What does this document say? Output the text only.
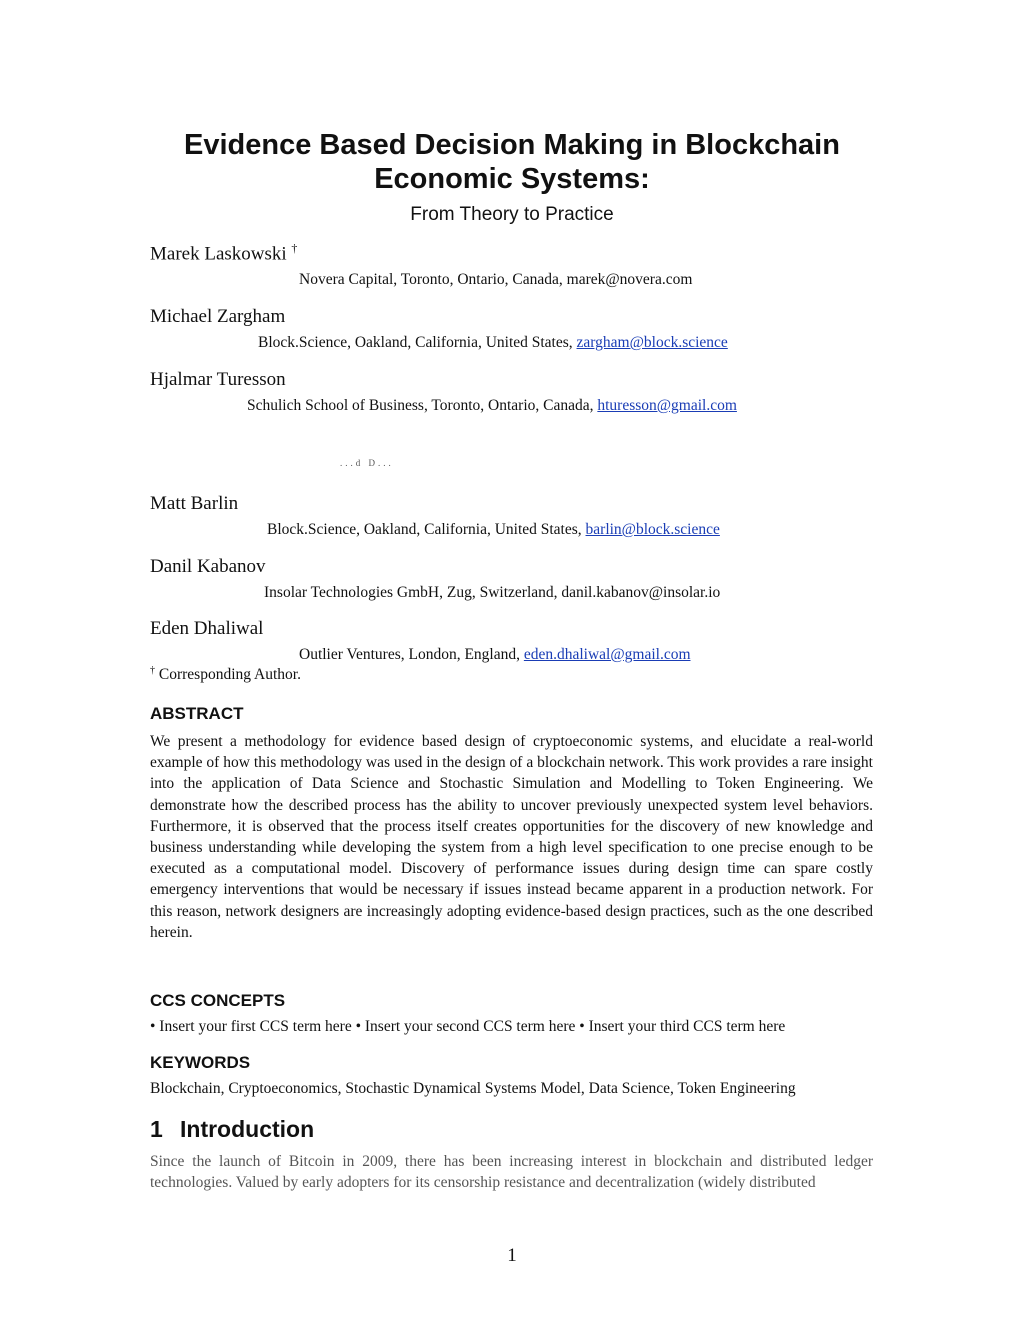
Evidence Based Decision Making in Blockchain Economic Systems:
From Theory to Practice
Marek Laskowski †
Novera Capital, Toronto, Ontario, Canada, marek@novera.com
Michael Zargham
Block.Science, Oakland, California, United States, zargham@block.science
Hjalmar Turesson
Schulich School of Business, Toronto, Ontario, Canada, hturesson@gmail.com
...d D...
Matt Barlin
Block.Science, Oakland, California, United States, barlin@block.science
Danil Kabanov
Insolar Technologies GmbH, Zug, Switzerland, danil.kabanov@insolar.io
Eden Dhaliwal
Outlier Ventures, London, England, eden.dhaliwal@gmail.com
† Corresponding Author.
ABSTRACT
We present a methodology for evidence based design of cryptoeconomic systems, and elucidate a real-world example of how this methodology was used in the design of a blockchain network. This work provides a rare insight into the application of Data Science and Stochastic Simulation and Modelling to Token Engineering. We demonstrate how the described process has the ability to uncover previously unexpected system level behaviors. Furthermore, it is observed that the process itself creates opportunities for the discovery of new knowledge and business understanding while developing the system from a high level specification to one precise enough to be executed as a computational model. Discovery of performance issues during design time can spare costly emergency interventions that would be necessary if issues instead became apparent in a production network. For this reason, network designers are increasingly adopting evidence-based design practices, such as the one described herein.
CCS CONCEPTS
• Insert your first CCS term here • Insert your second CCS term here • Insert your third CCS term here
KEYWORDS
Blockchain, Cryptoeconomics, Stochastic Dynamical Systems Model, Data Science, Token Engineering
1 Introduction
Since the launch of Bitcoin in 2009, there has been increasing interest in blockchain and distributed ledger technologies. Valued by early adopters for its censorship resistance and decentralization (widely distributed
1
